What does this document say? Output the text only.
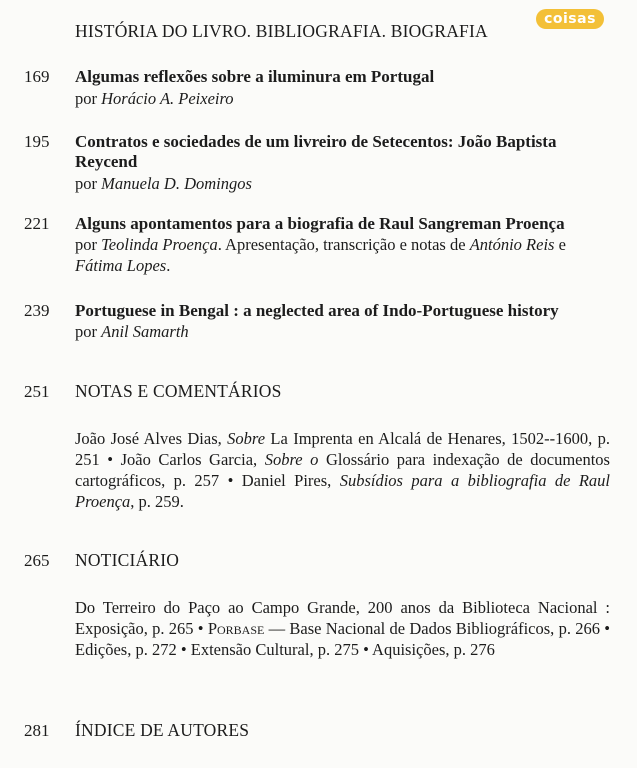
HISTÓRIA DO LIVRO. BIBLIOGRAFIA. BIOGRAFIA
coisas
169 Algumas reflexões sobre a iluminura em Portugal
por Horácio A. Peixeiro
195 Contratos e sociedades de um livreiro de Setecentos: João Baptista Reycend
por Manuela D. Domingos
221 Alguns apontamentos para a biografia de Raul Sangreman Proença
por Teolinda Proença. Apresentação, transcrição e notas de António Reis e Fátima Lopes.
239 Portuguese in Bengal : a neglected area of Indo-Portuguese history
por Anil Samarth
251 NOTAS E COMENTÁRIOS
João José Alves Dias, Sobre La Imprenta en Alcalá de Henares, 1502--1600, p. 251 • João Carlos Garcia, Sobre o Glossário para indexação de documentos cartográficos, p. 257 • Daniel Pires, Subsídios para a bibliografia de Raul Proença, p. 259.
265 NOTICIÁRIO
Do Terreiro do Paço ao Campo Grande, 200 anos da Biblioteca Nacional : Exposição, p. 265 • Porbase — Base Nacional de Dados Bibliográficos, p. 266 • Edições, p. 272 • Extensão Cultural, p. 275 • Aquisições, p. 276
281 ÍNDICE DE AUTORES
